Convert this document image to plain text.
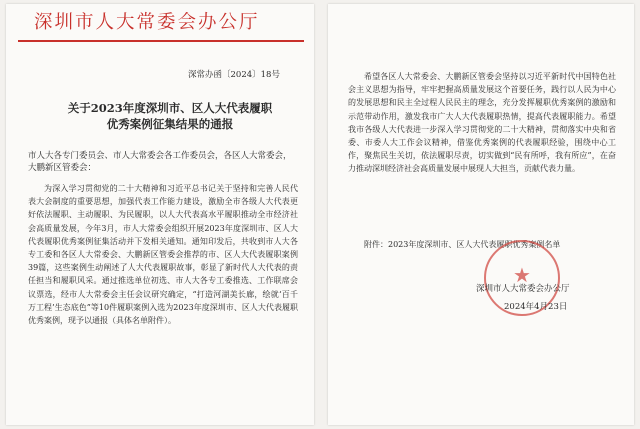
深圳市人大常委会办公厅
深常办函〔2024〕18号
关于2023年度深圳市、区人大代表履职
优秀案例征集结果的通报
市人大各专门委员会、市人大常委会各工作委员会，各区人大常委会，大鹏新区管委会：
为深入学习贯彻党的二十大精神和习近平总书记关于坚持和完善人民代表大会制度的重要思想，加强代表工作能力建设，激励全市各级人大代表更好依法履职、主动履职、为民履职，以人大代表高水平履职推动全市经济社会高质量发展，今年3月，市人大常委会组织开展2023年度深圳市、区人大代表履职优秀案例征集活动并下发相关通知。通知印发后，共收到市人大各专工委和各区人大常委会、大鹏新区管委会推荐的市、区人大代表履职案例39篇，这些案例生动阐述了人大代表履职故事，彰显了新时代人大代表的责任担当和履职风采。通过推选单位初选、市人大各专工委推选、工作联席会议票选，经市人大常委会主任会议研究确定，“打造河湖美长廊，绘就‘百千万工程’生态底色”等10件履职案例入选为2023年度深圳市、区人大代表履职优秀案例，现予以通报（具体名单附件）。
希望各区人大常委会、大鹏新区管委会坚持以习近平新时代中国特色社会主义思想为指导，牢牢把握高质量发展这个首要任务，践行以人民为中心的发展思想和民主全过程人民民主的理念，充分发挥履职优秀案例的激励和示范带动作用，激发我市广大人大代表履职热情，提高代表履职能力。希望我市各级人大代表进一步深入学习贯彻党的二十大精神，贯彻落实中央和省委、市委人大工作会议精神，借鉴优秀案例的代表履职经验，围绕中心工作，聚焦民生关切，依法履职尽责，切实做到“民有所呼，我有所应”，在奋力推动深圳经济社会高质量发展中展现人大担当，贡献代表力量。
附件：2023年度深圳市、区人大代表履职优秀案例名单
★
深圳市人大常委会办公厅
2024年4月23日
